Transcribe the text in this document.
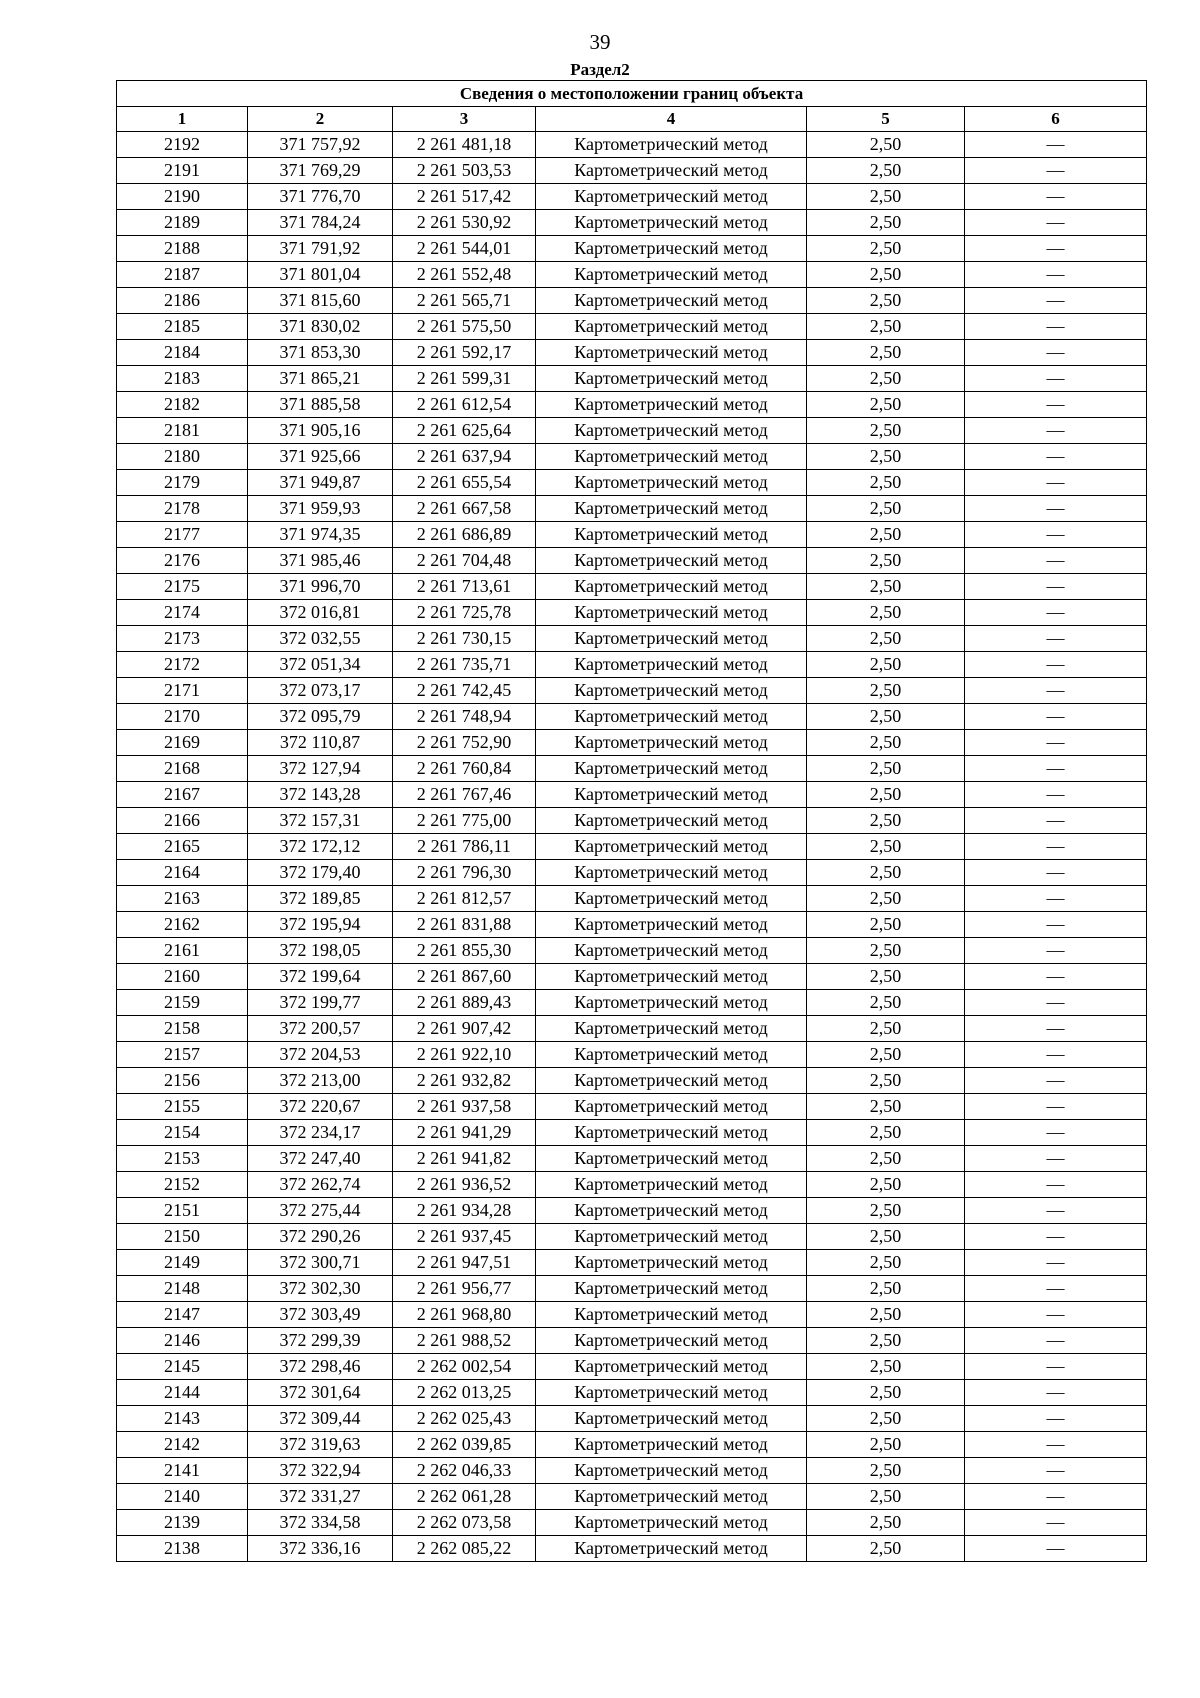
39
Раздел2
Сведения о местоположении границ объекта					
1	2	3	4	5	6
2192	371 757,92	2 261 481,18	Картометрический метод	2,50	—
2191	371 769,29	2 261 503,53	Картометрический метод	2,50	—
2190	371 776,70	2 261 517,42	Картометрический метод	2,50	—
2189	371 784,24	2 261 530,92	Картометрический метод	2,50	—
2188	371 791,92	2 261 544,01	Картометрический метод	2,50	—
2187	371 801,04	2 261 552,48	Картометрический метод	2,50	—
2186	371 815,60	2 261 565,71	Картометрический метод	2,50	—
2185	371 830,02	2 261 575,50	Картометрический метод	2,50	—
2184	371 853,30	2 261 592,17	Картометрический метод	2,50	—
2183	371 865,21	2 261 599,31	Картометрический метод	2,50	—
2182	371 885,58	2 261 612,54	Картометрический метод	2,50	—
2181	371 905,16	2 261 625,64	Картометрический метод	2,50	—
2180	371 925,66	2 261 637,94	Картометрический метод	2,50	—
2179	371 949,87	2 261 655,54	Картометрический метод	2,50	—
2178	371 959,93	2 261 667,58	Картометрический метод	2,50	—
2177	371 974,35	2 261 686,89	Картометрический метод	2,50	—
2176	371 985,46	2 261 704,48	Картометрический метод	2,50	—
2175	371 996,70	2 261 713,61	Картометрический метод	2,50	—
2174	372 016,81	2 261 725,78	Картометрический метод	2,50	—
2173	372 032,55	2 261 730,15	Картометрический метод	2,50	—
2172	372 051,34	2 261 735,71	Картометрический метод	2,50	—
2171	372 073,17	2 261 742,45	Картометрический метод	2,50	—
2170	372 095,79	2 261 748,94	Картометрический метод	2,50	—
2169	372 110,87	2 261 752,90	Картометрический метод	2,50	—
2168	372 127,94	2 261 760,84	Картометрический метод	2,50	—
2167	372 143,28	2 261 767,46	Картометрический метод	2,50	—
2166	372 157,31	2 261 775,00	Картометрический метод	2,50	—
2165	372 172,12	2 261 786,11	Картометрический метод	2,50	—
2164	372 179,40	2 261 796,30	Картометрический метод	2,50	—
2163	372 189,85	2 261 812,57	Картометрический метод	2,50	—
2162	372 195,94	2 261 831,88	Картометрический метод	2,50	—
2161	372 198,05	2 261 855,30	Картометрический метод	2,50	—
2160	372 199,64	2 261 867,60	Картометрический метод	2,50	—
2159	372 199,77	2 261 889,43	Картометрический метод	2,50	—
2158	372 200,57	2 261 907,42	Картометрический метод	2,50	—
2157	372 204,53	2 261 922,10	Картометрический метод	2,50	—
2156	372 213,00	2 261 932,82	Картометрический метод	2,50	—
2155	372 220,67	2 261 937,58	Картометрический метод	2,50	—
2154	372 234,17	2 261 941,29	Картометрический метод	2,50	—
2153	372 247,40	2 261 941,82	Картометрический метод	2,50	—
2152	372 262,74	2 261 936,52	Картометрический метод	2,50	—
2151	372 275,44	2 261 934,28	Картометрический метод	2,50	—
2150	372 290,26	2 261 937,45	Картометрический метод	2,50	—
2149	372 300,71	2 261 947,51	Картометрический метод	2,50	—
2148	372 302,30	2 261 956,77	Картометрический метод	2,50	—
2147	372 303,49	2 261 968,80	Картометрический метод	2,50	—
2146	372 299,39	2 261 988,52	Картометрический метод	2,50	—
2145	372 298,46	2 262 002,54	Картометрический метод	2,50	—
2144	372 301,64	2 262 013,25	Картометрический метод	2,50	—
2143	372 309,44	2 262 025,43	Картометрический метод	2,50	—
2142	372 319,63	2 262 039,85	Картометрический метод	2,50	—
2141	372 322,94	2 262 046,33	Картометрический метод	2,50	—
2140	372 331,27	2 262 061,28	Картометрический метод	2,50	—
2139	372 334,58	2 262 073,58	Картометрический метод	2,50	—
2138	372 336,16	2 262 085,22	Картометрический метод	2,50	—
